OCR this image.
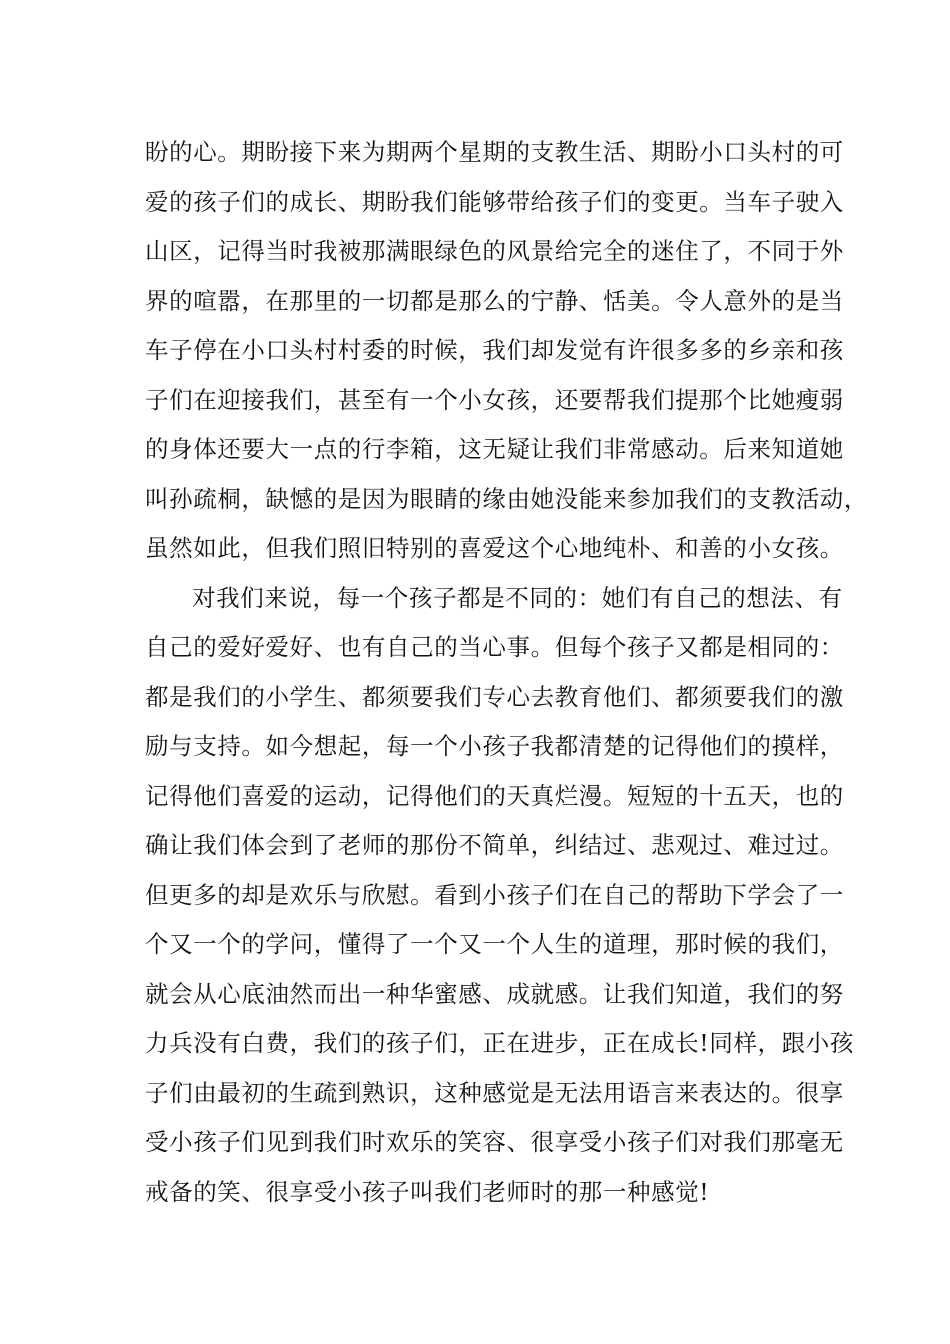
盼的心。期盼接下来为期两个星期的支教生活、期盼小口头村的可
爱的孩子们的成长、期盼我们能够带给孩子们的变更。当车子驶入
山区，记得当时我被那满眼绿色的风景给完全的迷住了，不同于外
界的喧嚣，在那里的一切都是那么的宁静、恬美。令人意外的是当
车子停在小口头村村委的时候，我们却发觉有许很多多的乡亲和孩
子们在迎接我们，甚至有一个小女孩，还要帮我们提那个比她瘦弱
的身体还要大一点的行李箱，这无疑让我们非常感动。后来知道她
叫孙疏桐，缺憾的是因为眼睛的缘由她没能来参加我们的支教活动，
虽然如此，但我们照旧特别的喜爱这个心地纯朴、和善的小女孩。
对我们来说，每一个孩子都是不同的：她们有自己的想法、有
自己的爱好爱好、也有自己的当心事。但每个孩子又都是相同的：
都是我们的小学生、都须要我们专心去教育他们、都须要我们的激
励与支持。如今想起，每一个小孩子我都清楚的记得他们的摸样，
记得他们喜爱的运动，记得他们的天真烂漫。短短的十五天，也的
确让我们体会到了老师的那份不简单，纠结过、悲观过、难过过。
但更多的却是欢乐与欣慰。看到小孩子们在自己的帮助下学会了一
个又一个的学问，懂得了一个又一个人生的道理，那时候的我们，
就会从心底油然而出一种华蜜感、成就感。让我们知道，我们的努
力兵没有白费，我们的孩子们，正在进步，正在成长!同样，跟小孩
子们由最初的生疏到熟识，这种感觉是无法用语言来表达的。很享
受小孩子们见到我们时欢乐的笑容、很享受小孩子们对我们那毫无
戒备的笑、很享受小孩子叫我们老师时的那一种感觉!
